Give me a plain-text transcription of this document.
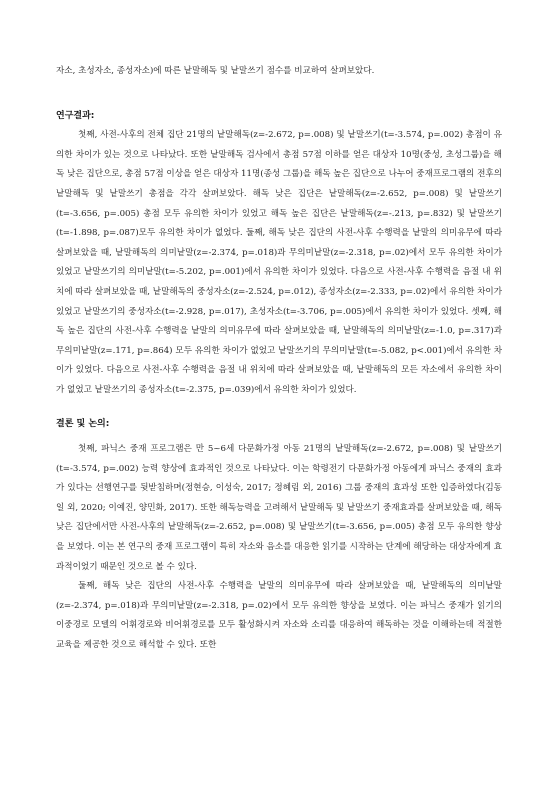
자소, 초성자소, 종성자소)에 따른 낱말해독 및 낱말쓰기 점수를 비교하여 살펴보았다.

연구결과:

첫째, 사전-사후의 전체 집단 21명의 낱말해독(z=-2.672, p=.008) 및 낱말쓰기(t=-3.574, p=.002) 총점이 유의한 차이가 있는 것으로 나타났다. 또한 낱말해독 검사에서 총점 57점 이하를 얻은 대상자 10명(중성, 초성그룹)을 해독 낮은 집단으로, 총점 57점 이상을 얻은 대상자 11명(종성 그룹)을 해독 높은 집단으로 나누어 중재프로그램의 전후의 낱말해독 및 낱말쓰기 총점을 각각 살펴보았다. 해독 낮은 집단은 낱말해독(z=-2.652, p=.008) 및 낱말쓰기(t=-3.656, p=.005) 총점 모두 유의한 차이가 있었고 해독 높은 집단은 낱말해독(z=-.213, p=.832) 및 낱말쓰기(t=-1.898, p=.087)모두 유의한 차이가 없었다. 둘째, 해독 낮은 집단의 사전-사후 수행력을 낱말의 의미유무에 따라 살펴보았을 때, 낱말해독의 의미낱말(z=-2.374, p=.018)과 무의미낱말(z=-2.318, p=.02)에서 모두 유의한 차이가 있었고 낱말쓰기의 의미낱말(t=-5.202, p=.001)에서 유의한 차이가 있었다. 다음으로 사전-사후 수행력을 음절 내 위치에 따라 살펴보았을 때, 낱말해독의 중성자소(z=-2.524, p=.012), 종성자소(z=-2.333, p=.02)에서 유의한 차이가 있었고 낱말쓰기의 중성자소(t=-2.928, p=.017), 초성자소(t=-3.706, p=.005)에서 유의한 차이가 있었다. 셋째, 해독 높은 집단의 사전-사후 수행력을 낱말의 의미유무에 따라 살펴보았을 때, 낱말해독의 의미낱말(z=-1.0, p=.317)과 무의미낱말(z=.171, p=.864) 모두 유의한 차이가 없었고 낱말쓰기의 무의미낱말(t=-5.082, p<.001)에서 유의한 차이가 있었다. 다음으로 사전-사후 수행력을 음절 내 위치에 따라 살펴보았을 때, 낱말해독의 모든 자소에서 유의한 차이가 없었고 낱말쓰기의 종성자소(t=-2.375, p=.039)에서 유의한 차이가 있었다.

결론 및 논의:

첫째, 파닉스 중재 프로그램은 만 5~6세 다문화가정 아동 21명의 낱말해독(z=-2.672, p=.008) 및 낱말쓰기(t=-3.574, p=.002) 능력 향상에 효과적인 것으로 나타났다. 이는 학령전기 다문화가정 아동에게 파닉스 중재의 효과가 있다는 선행연구를 뒷받침하며(정현승, 이성숙, 2017; 정혜림 외, 2016) 그룹 중재의 효과성 또한 입증하였다(김동일 외, 2020; 이예진, 양민화, 2017). 또한 해독능력을 고려해서 낱말해독 및 낱말쓰기 중재효과를 살펴보았을 때, 해독 낮은 집단에서만 사전-사후의 낱말해독(z=-2.652, p=.008) 및 낱말쓰기(t=-3.656, p=.005) 총점 모두 유의한 향상을 보였다. 이는 본 연구의 중재 프로그램이 특히 자소와 음소를 대응한 읽기를 시작하는 단계에 해당하는 대상자에게 효과적이었기 때문인 것으로 볼 수 있다.

둘째, 해독 낮은 집단의 사전-사후 수행력을 낱말의 의미유무에 따라 살펴보았을 때, 낱말해독의 의미낱말(z=-2.374, p=.018)과 무의미낱말(z=-2.318, p=.02)에서 모두 유의한 향상을 보였다. 이는 파닉스 중재가 읽기의 이중경로 모델의 어휘경로와 비어휘경로를 모두 활성화시켜 자소와 소리를 대응하여 해독하는 것을 이해하는데 적절한 교육을 제공한 것으로 해석할 수 있다. 또한
